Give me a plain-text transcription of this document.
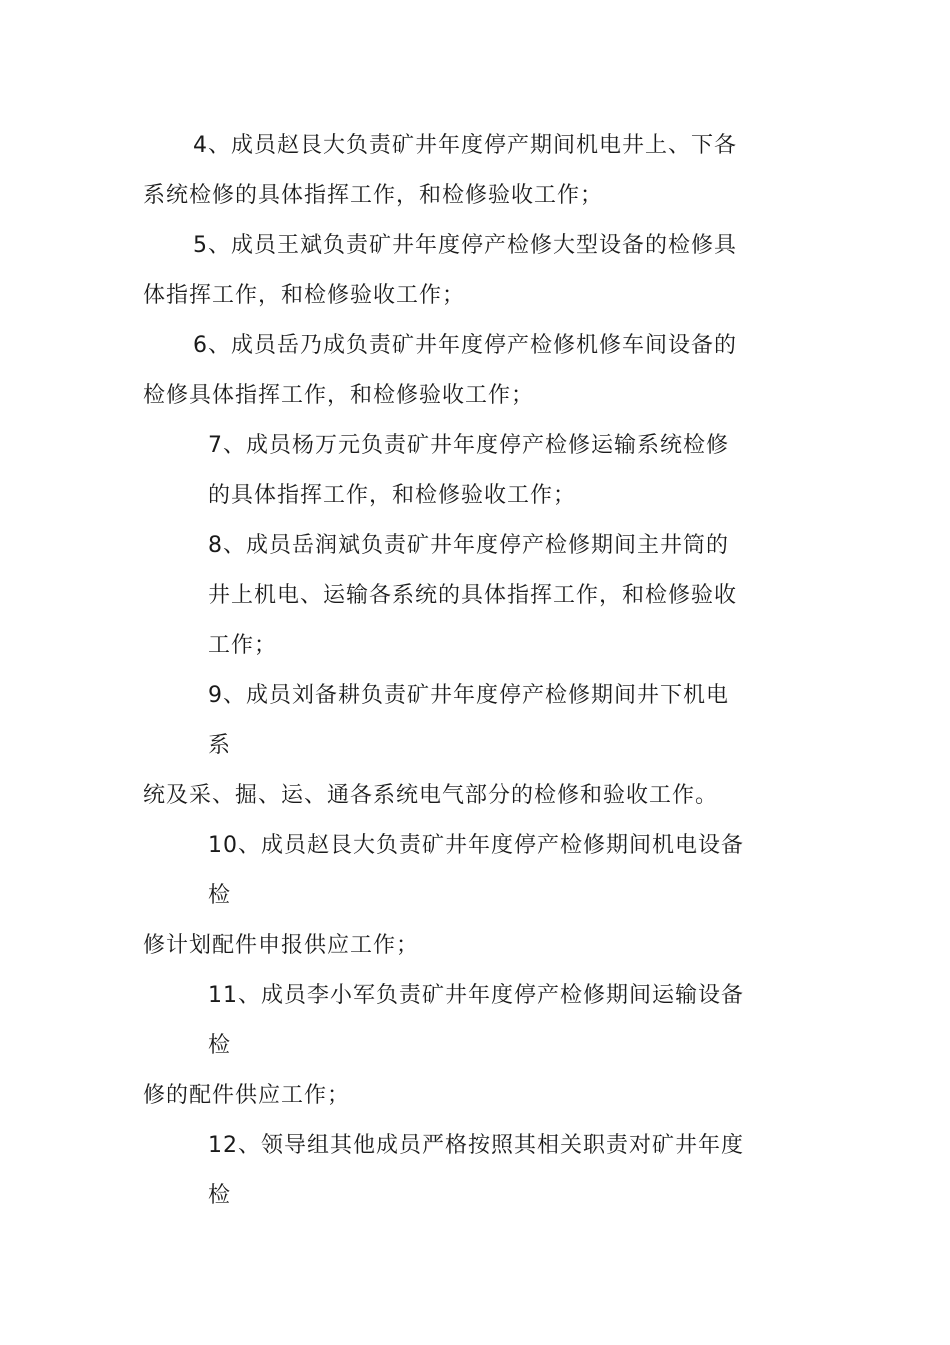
4、成员赵艮大负责矿井年度停产期间机电井上、下各
系统检修的具体指挥工作，和检修验收工作；
5、成员王斌负责矿井年度停产检修大型设备的检修具
体指挥工作，和检修验收工作；
6、成员岳乃成负责矿井年度停产检修机修车间设备的
检修具体指挥工作，和检修验收工作；
7、成员杨万元负责矿井年度停产检修运输系统检修
的具体指挥工作，和检修验收工作；
8、成员岳润斌负责矿井年度停产检修期间主井筒的
井上机电、运输各系统的具体指挥工作，和检修验收
工作；
9、成员刘备耕负责矿井年度停产检修期间井下机电
系
统及采、掘、运、通各系统电气部分的检修和验收工作。
10、成员赵艮大负责矿井年度停产检修期间机电设备
检
修计划配件申报供应工作；
11、成员李小军负责矿井年度停产检修期间运输设备
检
修的配件供应工作；
12、领导组其他成员严格按照其相关职责对矿井年度
检
